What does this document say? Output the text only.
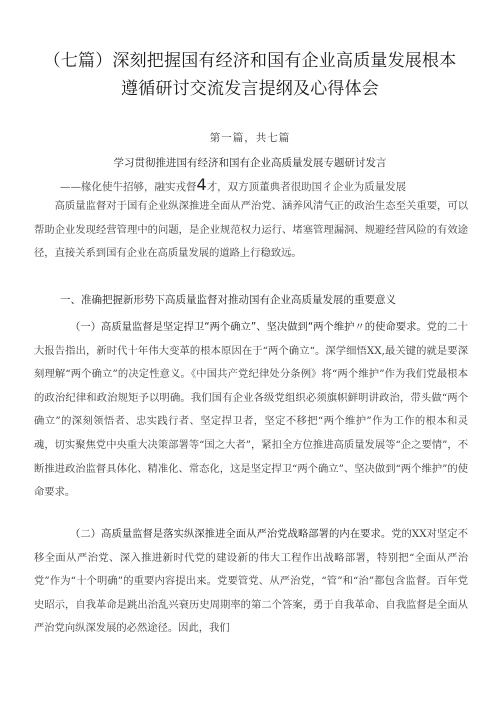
（七篇）深刻把握国有经济和国有企业高质量发展根本
遵循研讨交流发言提纲及心得体会
第一篇，共七篇
学习贯彻推进国有经济和国有企业高质量发展专题研讨发言
——椽化使牛招够，融实戎督4才，双方顶董典者很助国彳企业为质量发展

高质量监督对于国有企业纵深推进全面从严治党、涵养风清气正的政治生态至关重要，可以帮助企业发现经营管理中的问题，是企业规范权力运行、堵塞管理漏洞、规避经营风险的有效途径，直接关系到国有企业在高质量发展的道路上行稳致远。

一、准确把握新形势下高质量监督对推动国有企业高质量发展的重要意义

（一）高质量监督是坚定捍卫“两个确立”、坚决做到“两个维护〃的使命要求。党的二十大报告指出，新时代十年伟大变革的根本原因在于“两个确立“。深学细悟XX,最关键的就是要深刻理解“两个确立”的决定性意义。《中国共产党纪律处分条例》将“两个维护”作为我们党最根本的政治纪律和政治规矩予以明确。我们国有企业各级党组织必须旗帜鲜明讲政治，带头做“两个确立”的深刻领悟者、忠实践行者、坚定捍卫者，坚定不移把“两个维护”作为工作的根本和灵魂，切实聚焦党中央重大决策部署等“国之大者”，紧扣全方位推进高质量发展等“企之要情”，不断推进政治监督具体化、精准化、常态化，这是坚定捍卫“两个确立”、坚决做到“两个维护”的使命要求。

（二）高质量监督是落实纵深推进全面从严治党战略部署的内在要求。党的XX对坚定不移全面从严治党、深入推进新时代党的建设新的伟大工程作出战略部署，特别把“全面从严治党”作为“十个明确”的重要内容提出来。党要管党、从严治党，“管”和“治”都包含监督。百年党史昭示，自我革命是跳出治乱兴衰历史周期率的第二个答案，勇于自我革命、自我监督是全面从严治党向纵深发展的必然途径。因此，我们
